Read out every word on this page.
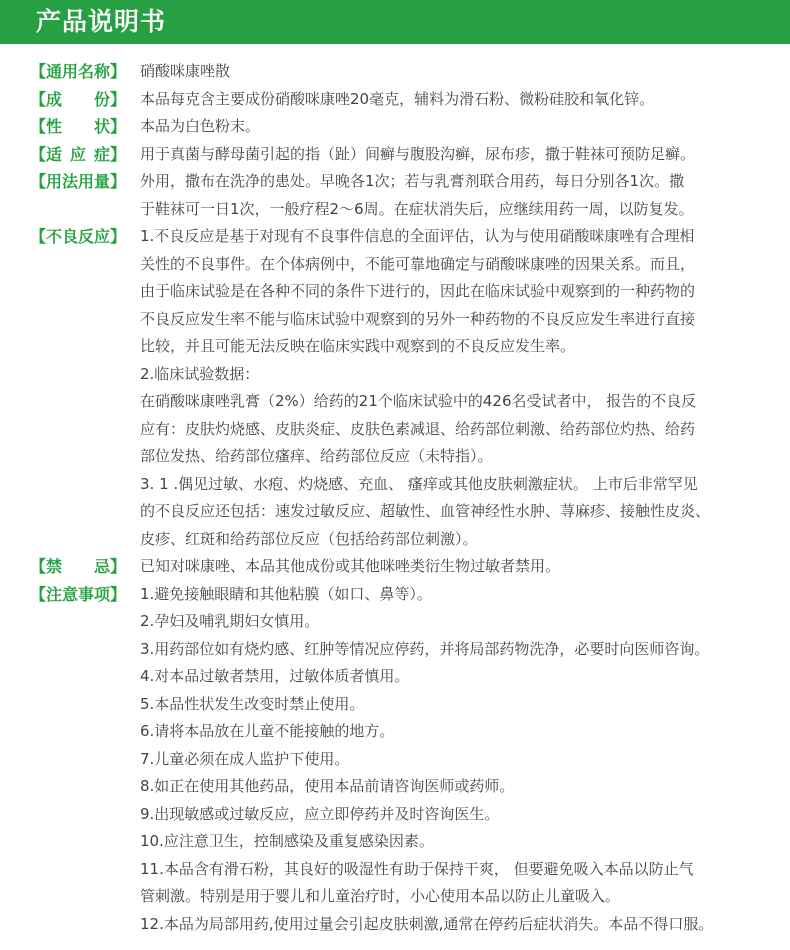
产品说明书
【通用名称】 硝酸咪康唑散
【成份】 本品每克含主要成份硝酸咪康唑20毫克，辅料为滑石粉、微粉硅胶和氧化锌。
【性状】 本品为白色粉末。
【适应症】 用于真菌与酵母菌引起的指（趾）间癣与腹股沟癣，尿布疹，撒于鞋袜可预防足癣。
【用法用量】 外用，撒布在洗净的患处。早晚各1次；若与乳膏剂联合用药，每日分别各1次。撒
于鞋袜可一日1次，一般疗程2～6周。在症状消失后，应继续用药一周，以防复发。
【不良反应】 1.不良反应是基于对现有不良事件信息的全面评估，认为与使用硝酸咪康唑有合理相
关性的不良事件。在个体病例中，不能可靠地确定与硝酸咪康唑的因果关系。而且，
由于临床试验是在各种不同的条件下进行的，因此在临床试验中观察到的一种药物的
不良反应发生率不能与临床试验中观察到的另外一种药物的不良反应发生率进行直接
比较，并且可能无法反映在临床实践中观察到的不良反应发生率。
2.临床试验数据：
在硝酸咪康唑乳膏（2%）给药的21个临床试验中的426名受试者中， 报告的不良反
应有：皮肤灼烧感、皮肤炎症、皮肤色素减退、给药部位刺激、给药部位灼热、给药
部位发热、给药部位瘙痒、给药部位反应（未特指）。
3. 1 .偶见过敏、水疱、灼烧感、充血、 瘙痒或其他皮肤刺激症状。 上市后非常罕见
的不良反应还包括：速发过敏反应、超敏性、血管神经性水肿、荨麻疹、接触性皮炎、
皮疹、红斑和给药部位反应（包括给药部位刺激）。
【禁忌】 已知对咪康唑、本品其他成份或其他咪唑类衍生物过敏者禁用。
【注意事项】 1.避免接触眼睛和其他粘膜（如口、鼻等）。
2.孕妇及哺乳期妇女慎用。
3.用药部位如有烧灼感、红肿等情况应停药，并将局部药物洗净，必要时向医师咨询。
4.对本品过敏者禁用，过敏体质者慎用。
5.本品性状发生改变时禁止使用。
6.请将本品放在儿童不能接触的地方。
7.儿童必须在成人监护下使用。
8.如正在使用其他药品，使用本品前请咨询医师或药师。
9.出现敏感或过敏反应，应立即停药并及时咨询医生。
10.应注意卫生，控制感染及重复感染因素。
11.本品含有滑石粉，其良好的吸湿性有助于保持干爽， 但要避免吸入本品以防止气
管刺激。特别是用于婴儿和儿童治疗时，小心使用本品以防止儿童吸入。
12.本品为局部用药,使用过量会引起皮肤刺激,通常在停药后症状消失。本品不得口服。
